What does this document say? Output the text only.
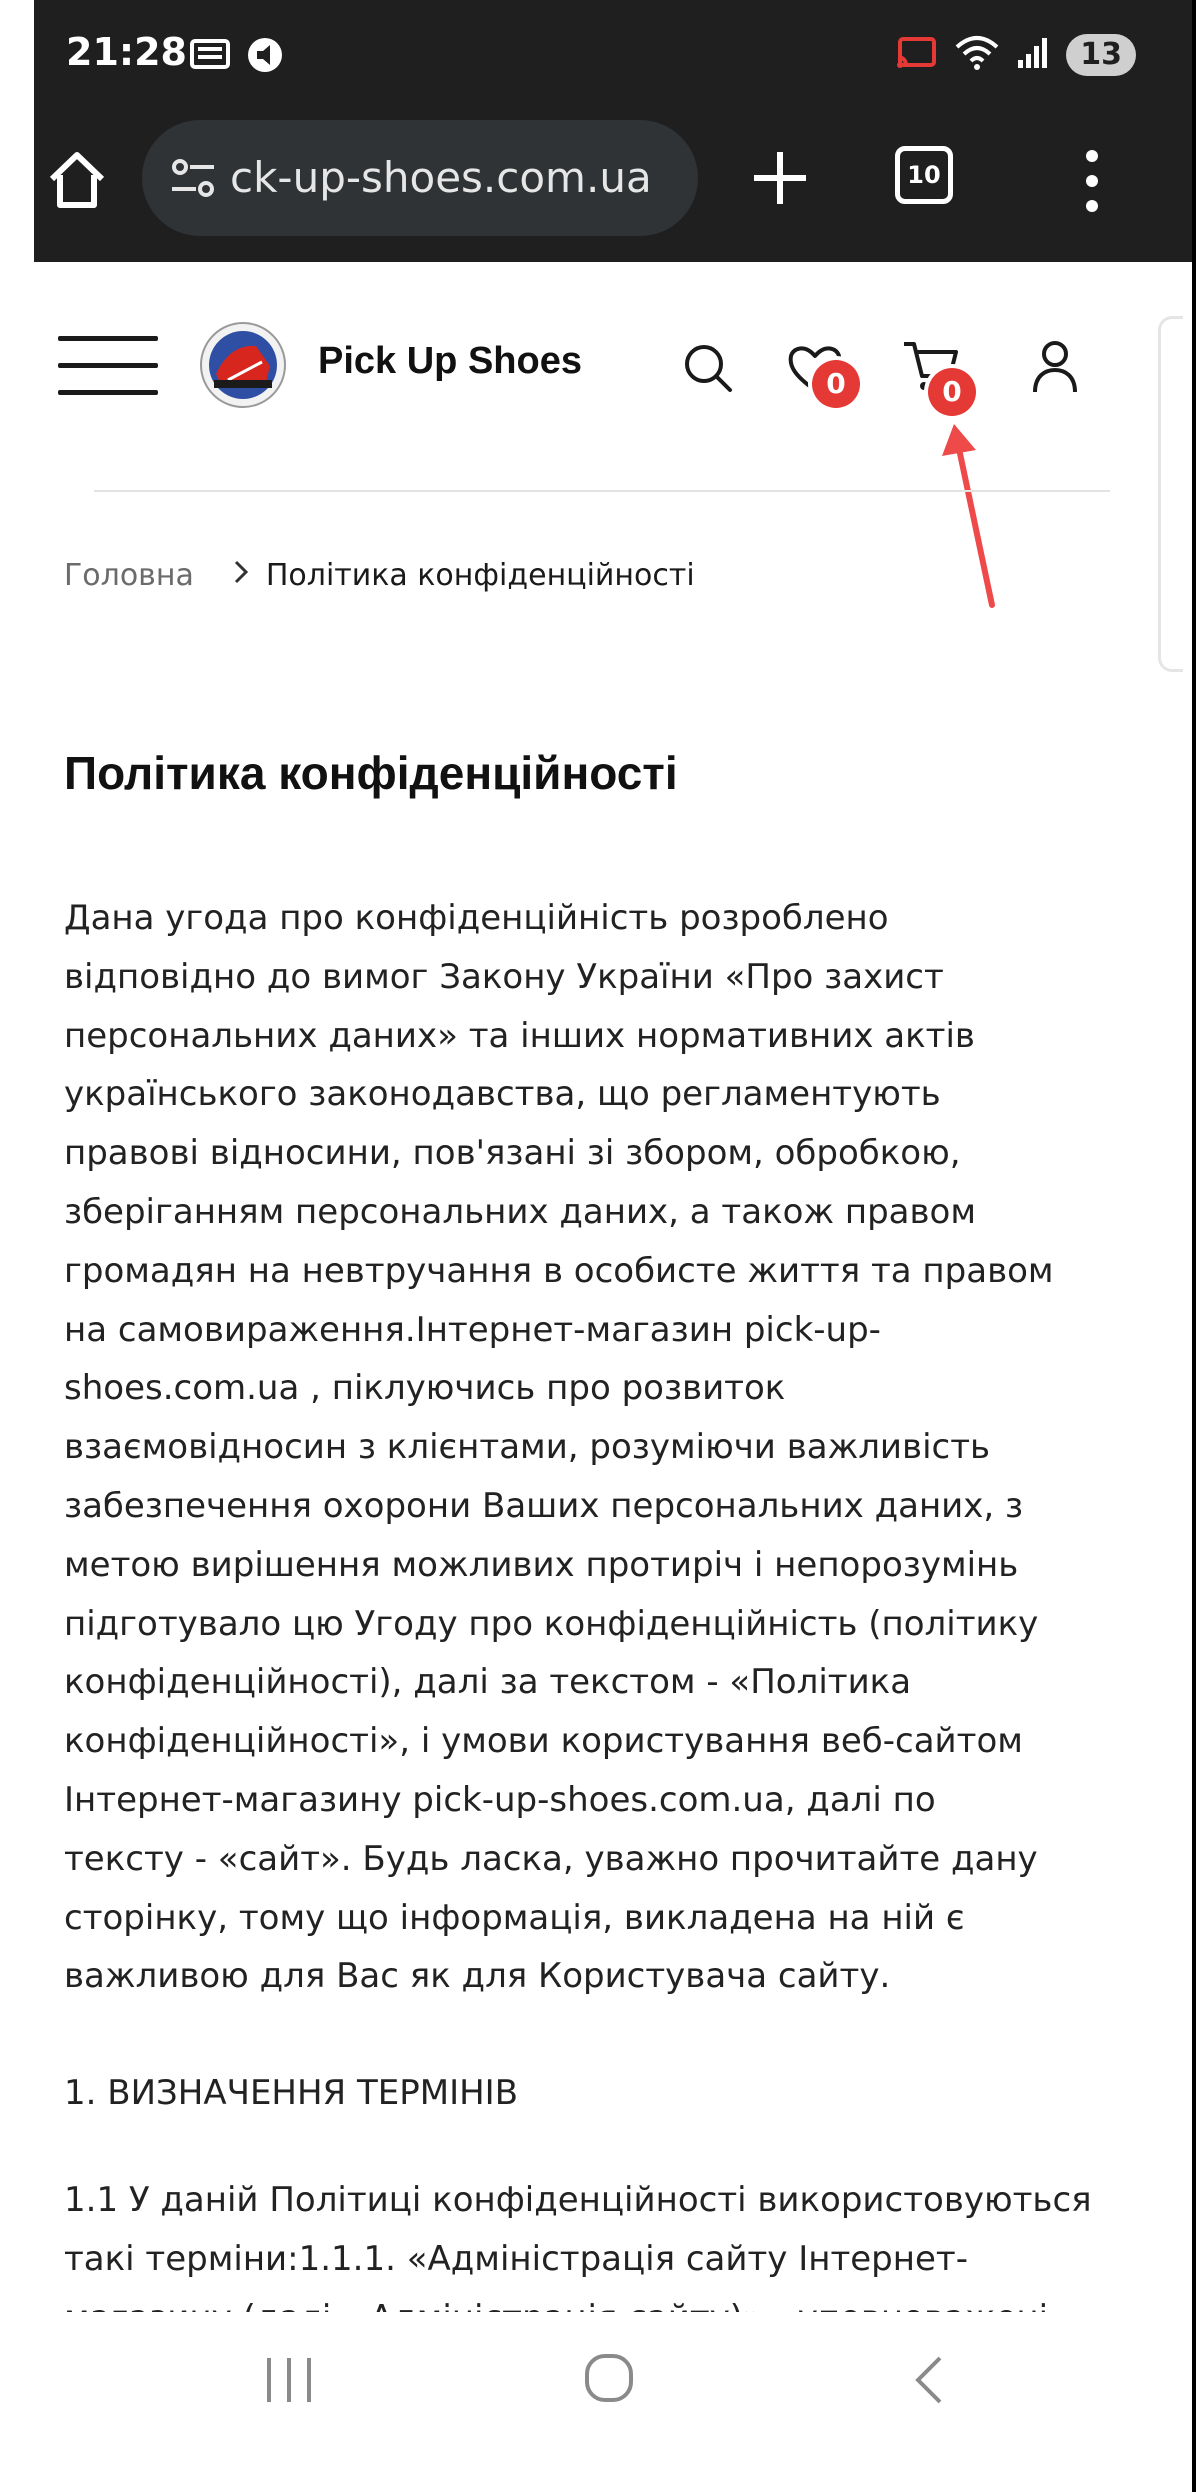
21:28	13
ck-up-shoes.com.ua	10
Pick Up Shoes
0	0
Головна Політика конфіденційності
Політика конфіденційності

Дана угода про конфіденційність розроблено
відповідно до вимог Закону України «Про захист
персональних даних» та інших нормативних актів
українського законодавства, що регламентують
правові відносини, пов'язані зі збором, обробкою,
зберіганням персональних даних, а також правом
громадян на невтручання в особисте життя та правом
на самовираження.Інтернет-магазин pick-up-
shoes.com.ua , піклуючись про розвиток
взаємовідносин з клієнтами, розуміючи важливість
забезпечення охорони Ваших персональних даних, з
метою вирішення можливих протиріч і непорозумінь
підготувало цю Угоду про конфіденційність (політику
конфіденційності), далі за текстом - «Політика
конфіденційності», і умови користування веб-сайтом
Інтернет-магазину pick-up-shoes.com.ua, далі по
тексту - «сайт». Будь ласка, уважно прочитайте дану
сторінку, тому що інформація, викладена на ній є
важливою для Вас як для Користувача сайту.

1. ВИЗНАЧЕННЯ ТЕРМІНІВ

1.1 У даній Політиці конфіденційності використовуються
такі терміни:1.1.1. «Адміністрація сайту Інтернет-
